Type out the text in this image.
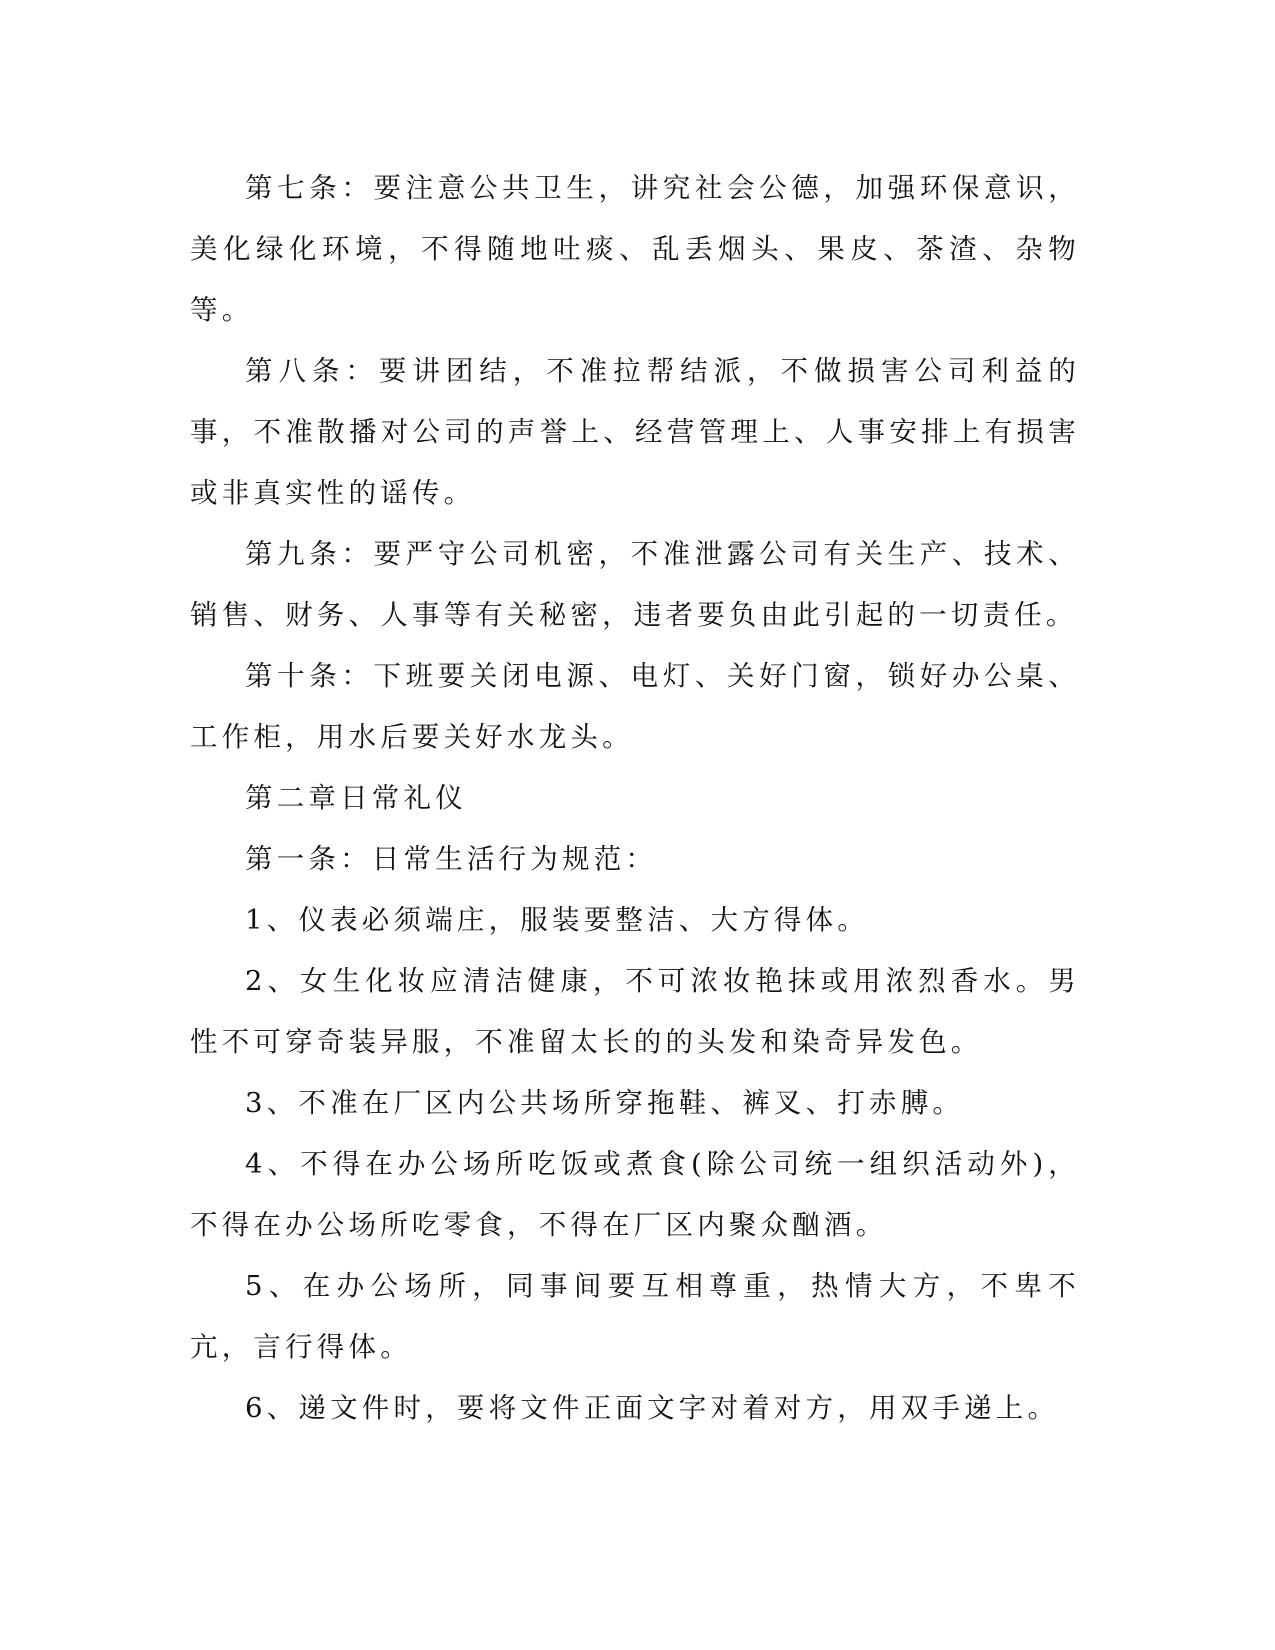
第七条：要注意公共卫生，讲究社会公德，加强环保意识，美化绿化环境，不得随地吐痰、乱丢烟头、果皮、茶渣、杂物等。

第八条：要讲团结，不准拉帮结派，不做损害公司利益的事，不准散播对公司的声誉上、经营管理上、人事安排上有损害或非真实性的谣传。

第九条：要严守公司机密，不准泄露公司有关生产、技术、销售、财务、人事等有关秘密，违者要负由此引起的一切责任。

第十条：下班要关闭电源、电灯、关好门窗，锁好办公桌、工作柜，用水后要关好水龙头。

第二章日常礼仪

第一条：日常生活行为规范：

1、仪表必须端庄，服装要整洁、大方得体。

2、女生化妆应清洁健康，不可浓妆艳抹或用浓烈香水。男性不可穿奇装异服，不准留太长的的头发和染奇异发色。

3、不准在厂区内公共场所穿拖鞋、裤叉、打赤膊。

4、不得在办公场所吃饭或煮食(除公司统一组织活动外)，不得在办公场所吃零食，不得在厂区内聚众酗酒。

5、在办公场所，同事间要互相尊重，热情大方，不卑不亢，言行得体。

6、递文件时，要将文件正面文字对着对方，用双手递上。
